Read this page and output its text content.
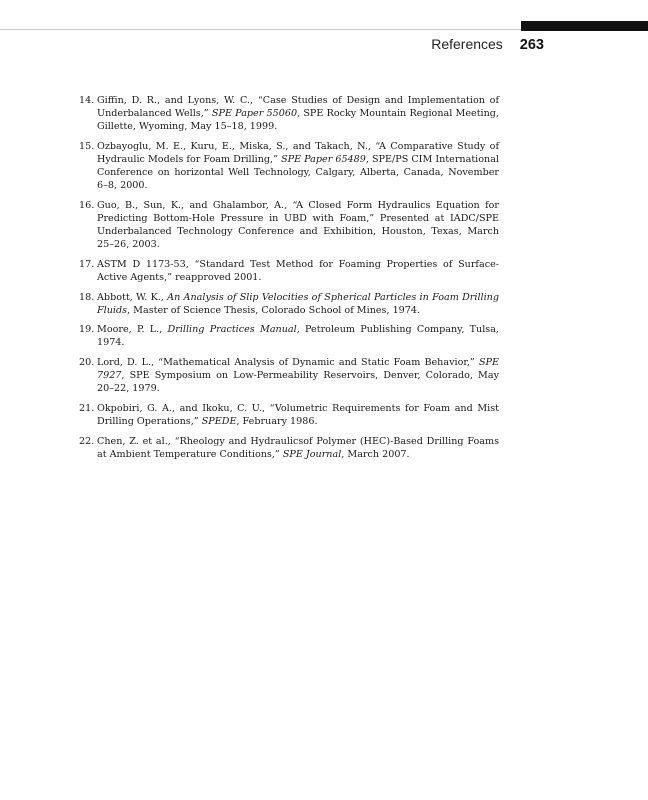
References 263
14. Giffin, D. R., and Lyons, W. C., “Case Studies of Design and Implementation of Underbalanced Wells,” SPE Paper 55060, SPE Rocky Mountain Regional Meeting, Gillette, Wyoming, May 15–18, 1999.
15. Ozbayoglu, M. E., Kuru, E., Miska, S., and Takach, N., “A Comparative Study of Hydraulic Models for Foam Drilling,” SPE Paper 65489, SPE/PS CIM International Conference on horizontal Well Technology, Calgary, Alberta, Canada, November 6–8, 2000.
16. Guo, B., Sun, K., and Ghalambor, A., “A Closed Form Hydraulics Equation for Predicting Bottom-Hole Pressure in UBD with Foam,” Presented at IADC/SPE Underbalanced Technology Conference and Exhibition, Houston, Texas, March 25–26, 2003.
17. ASTM D 1173-53, “Standard Test Method for Foaming Properties of Surface-Active Agents,” reapproved 2001.
18. Abbott, W. K., An Analysis of Slip Velocities of Spherical Particles in Foam Drilling Fluids, Master of Science Thesis, Colorado School of Mines, 1974.
19. Moore, P. L., Drilling Practices Manual, Petroleum Publishing Company, Tulsa, 1974.
20. Lord, D. L., “Mathematical Analysis of Dynamic and Static Foam Behavior,” SPE 7927, SPE Symposium on Low-Permeability Reservoirs, Denver, Colorado, May 20–22, 1979.
21. Okpobiri, G. A., and Ikoku, C. U., “Volumetric Requirements for Foam and Mist Drilling Operations,” SPEDE, February 1986.
22. Chen, Z. et al., “Rheology and Hydraulicsof Polymer (HEC)-Based Drilling Foams at Ambient Temperature Conditions,” SPE Journal, March 2007.
